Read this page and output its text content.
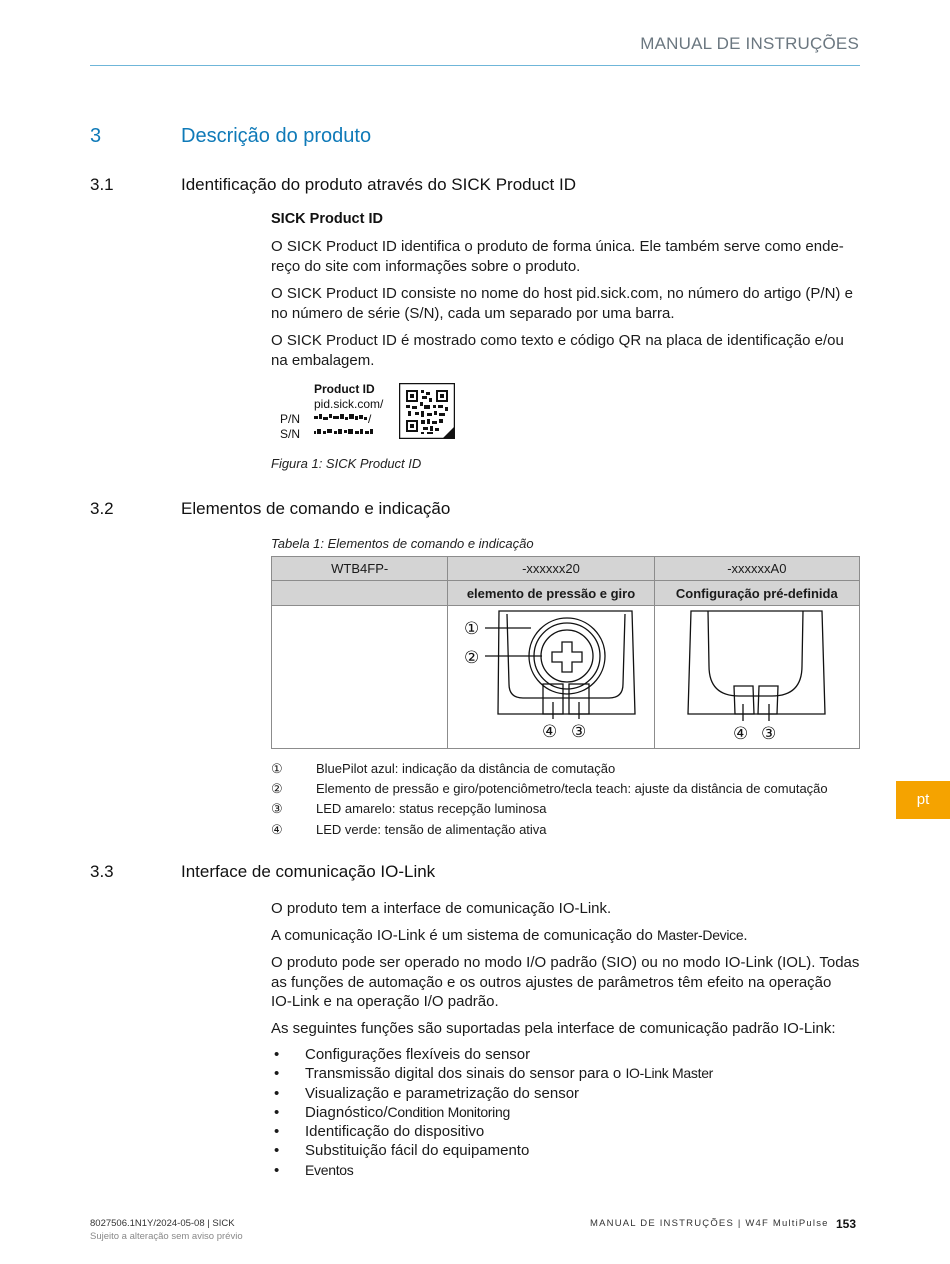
MANUAL DE INSTRUÇÕES
3	Descrição do produto
3.1	Identificação do produto através do SICK Product ID
SICK Product ID
O SICK Product ID identifica o produto de forma única. Ele também serve como ende-
reço do site com informações sobre o produto.
O SICK Product ID consiste no nome do host pid.sick.com, no número do artigo (P/N) e
no número de série (S/N), cada um separado por uma barra.
O SICK Product ID é mostrado como texto e código QR na placa de identificação e/ou
na embalagem.
Product ID
pid.sick.com/
P/N
S/N
/
Figura 1: SICK Product ID
3.2	Elementos de comando e indicação
Tabela 1: Elementos de comando e indicação
WTB4FP-	-xxxxxx20	-xxxxxxA0
	elemento de pressão e giro	Configuração pré-definida

①
②
④ ③	④ ③
①	BluePilot azul: indicação da distância de comutação
②	Elemento de pressão e giro/potenciômetro/tecla teach: ajuste da distância de comutação
③	LED amarelo: status recepção luminosa
④	LED verde: tensão de alimentação ativa
pt
3.3	Interface de comunicação IO-Link
O produto tem a interface de comunicação IO-Link.
A comunicação IO-Link é um sistema de comunicação do Master-Device.
O produto pode ser operado no modo I/O padrão (SIO) ou no modo IO-Link (IOL). Todas
as funções de automação e os outros ajustes de parâmetros têm efeito na operação
IO-Link e na operação I/O padrão.
As seguintes funções são suportadas pela interface de comunicação padrão IO-Link:
• Configurações flexíveis do sensor
• Transmissão digital dos sinais do sensor para o IO-Link Master
• Visualização e parametrização do sensor
• Diagnóstico/Condition Monitoring
• Identificação do dispositivo
• Substituição fácil do equipamento
• Eventos
8027506.1N1Y/2024-05-08 | SICK
Sujeito a alteração sem aviso prévio
MANUAL DE INSTRUÇÕES | W4F MultiPulse 153
